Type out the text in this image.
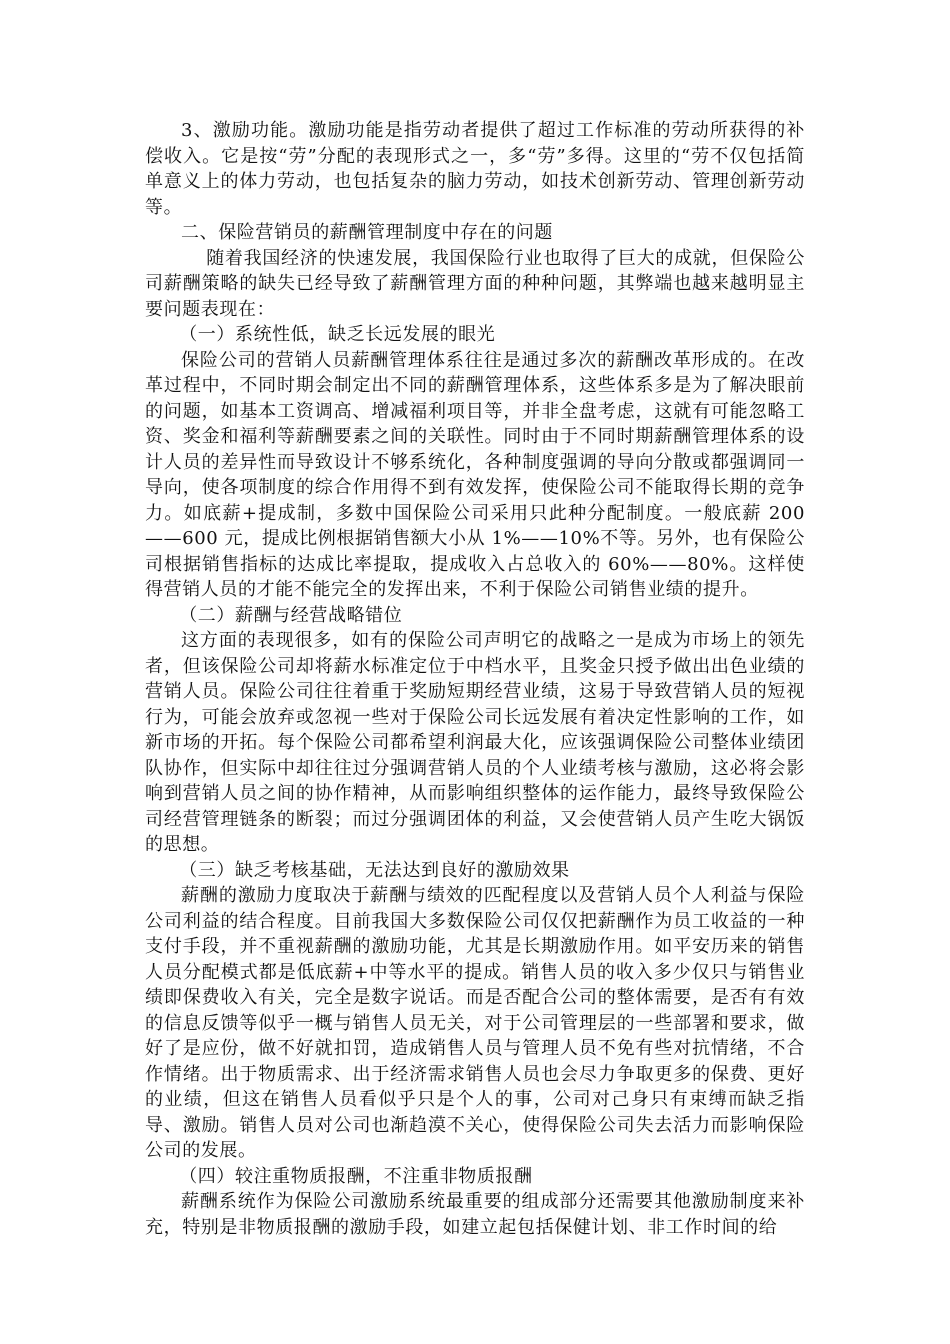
3、激励功能。激励功能是指劳动者提供了超过工作标准的劳动所获得的补偿收入。它是按“劳”分配的表现形式之一，多“劳”多得。这里的“劳不仅包括简单意义上的体力劳动，也包括复杂的脑力劳动，如技术创新劳动、管理创新劳动等。

二、保险营销员的薪酬管理制度中存在的问题

随着我国经济的快速发展，我国保险行业也取得了巨大的成就，但保险公司薪酬策略的缺失已经导致了薪酬管理方面的种种问题，其弊端也越来越明显主要问题表现在：

（一）系统性低，缺乏长远发展的眼光

保险公司的营销人员薪酬管理体系往往是通过多次的薪酬改革形成的。在改革过程中，不同时期会制定出不同的薪酬管理体系，这些体系多是为了解决眼前的问题，如基本工资调高、增减福利项目等，并非全盘考虑，这就有可能忽略工资、奖金和福利等薪酬要素之间的关联性。同时由于不同时期薪酬管理体系的设计人员的差异性而导致设计不够系统化，各种制度强调的导向分散或都强调同一导向，使各项制度的综合作用得不到有效发挥，使保险公司不能取得长期的竞争力。如底薪+提成制，多数中国保险公司采用只此种分配制度。一般底薪 200——600 元，提成比例根据销售额大小从 1%——10%不等。另外，也有保险公司根据销售指标的达成比率提取，提成收入占总收入的 60%——80%。这样使得营销人员的才能不能完全的发挥出来，不利于保险公司销售业绩的提升。

（二）薪酬与经营战略错位

这方面的表现很多，如有的保险公司声明它的战略之一是成为市场上的领先者，但该保险公司却将薪水标准定位于中档水平，且奖金只授予做出出色业绩的营销人员。保险公司往往着重于奖励短期经营业绩，这易于导致营销人员的短视行为，可能会放弃或忽视一些对于保险公司长远发展有着决定性影响的工作，如新市场的开拓。每个保险公司都希望利润最大化，应该强调保险公司整体业绩团队协作，但实际中却往往过分强调营销人员的个人业绩考核与激励，这必将会影响到营销人员之间的协作精神，从而影响组织整体的运作能力，最终导致保险公司经营管理链条的断裂；而过分强调团体的利益，又会使营销人员产生吃大锅饭的思想。

（三）缺乏考核基础，无法达到良好的激励效果

薪酬的激励力度取决于薪酬与绩效的匹配程度以及营销人员个人利益与保险公司利益的结合程度。目前我国大多数保险公司仅仅把薪酬作为员工收益的一种支付手段，并不重视薪酬的激励功能，尤其是长期激励作用。如平安历来的销售人员分配模式都是低底薪+中等水平的提成。销售人员的收入多少仅只与销售业绩即保费收入有关，完全是数字说话。而是否配合公司的整体需要，是否有有效的信息反馈等似乎一概与销售人员无关，对于公司管理层的一些部署和要求，做好了是应份，做不好就扣罚，造成销售人员与管理人员不免有些对抗情绪，不合作情绪。出于物质需求、出于经济需求销售人员也会尽力争取更多的保费、更好的业绩，但这在销售人员看似乎只是个人的事，公司对己身只有束缚而缺乏指导、激励。销售人员对公司也渐趋漠不关心，使得保险公司失去活力而影响保险公司的发展。

（四）较注重物质报酬，不注重非物质报酬

薪酬系统作为保险公司激励系统最重要的组成部分还需要其他激励制度来补充，特别是非物质报酬的激励手段，如建立起包括保健计划、非工作时间的给
